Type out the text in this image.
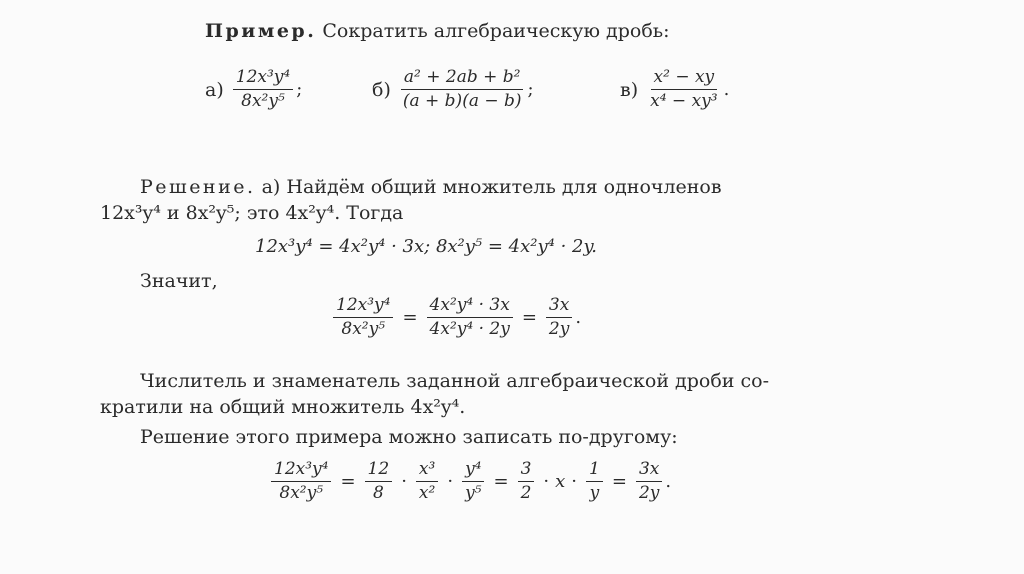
Пример. Сократить алгебраическую дробь:
$а) \frac{\text{12x³y⁴}}{\text{8x²y⁵}}$ ;	$б) \frac{\text{a² + 2ab + b²}}{(a + b)(a - b)}$ ;	$в) \frac{\text{x² − xy}}{\text{x⁴ − xy³}}$ .
Решение. а) Найдём общий множитель для одночленов
12x³y⁴ и 8x²y⁵; это 4x²y⁴. Тогда
12x³y⁴ = 4x²y⁴ · 3x; 8x²y⁵ = 4x²y⁴ · 2y.
Значит,
$\frac{\text{12x³y⁴}}{\text{8x²y⁵}} = \frac{\text{4x²y⁴ · 3x}}{\text{4x²y⁴ · 2y}} = \frac{3x}{2y}$ .
Числитель и знаменатель заданной алгебраической дроби со-
кратили на общий множитель 4x²y⁴.
Решение этого примера можно записать по-другому:
$\frac{\text{12x³y⁴}}{\text{8x²y⁵}} = \frac{12}{8} \cdot \frac{\text{x³}}{\text{x²}} \cdot \frac{\text{y⁴}}{\text{y⁵}} = \frac{3}{2} \cdot x \cdot \frac{1}{y} = \frac{3x}{2y}$ .
